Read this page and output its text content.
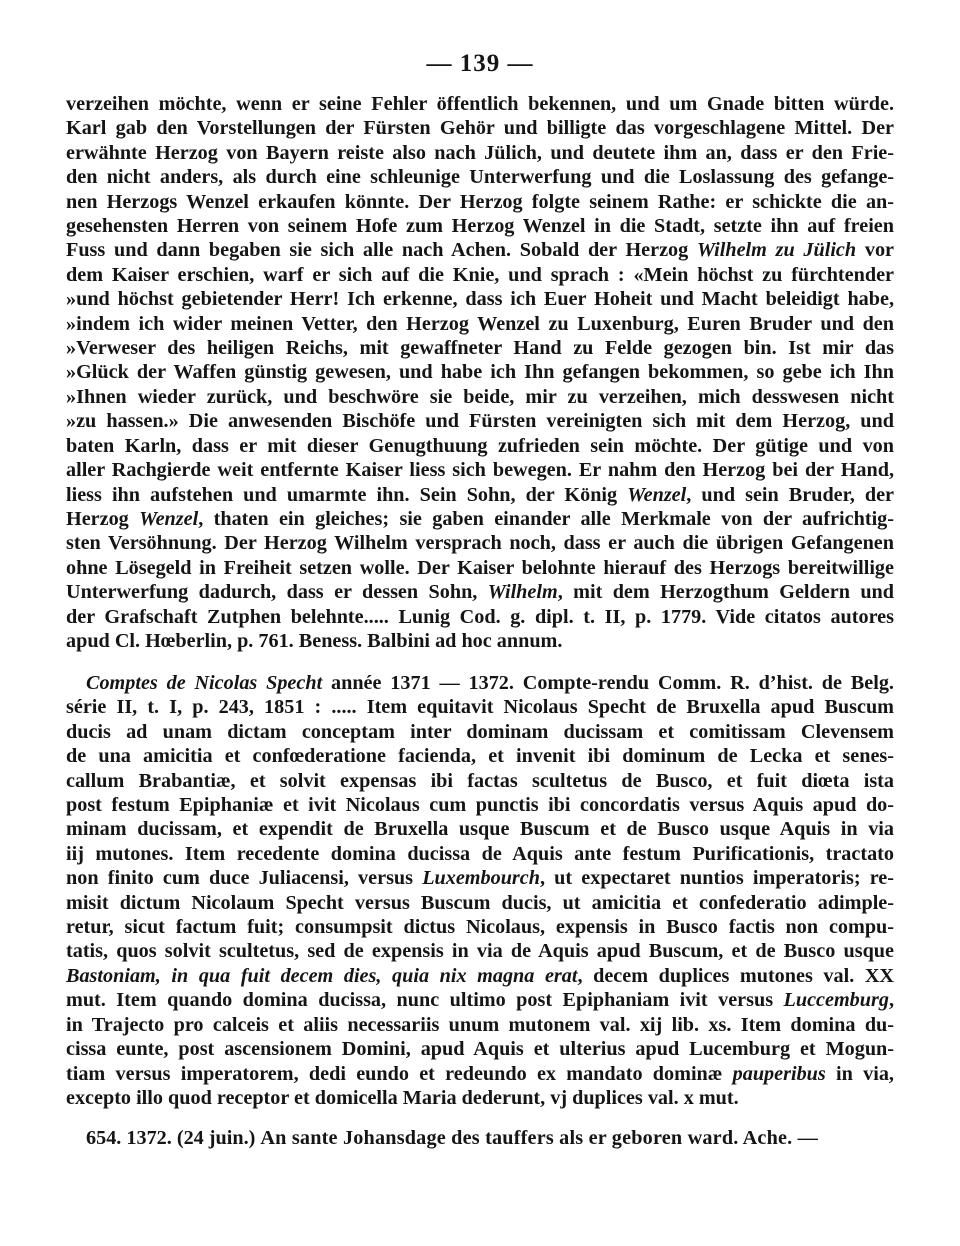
— 139 —
verzeihen möchte, wenn er seine Fehler öffentlich bekennen, und um Gnade bitten würde.
Karl gab den Vorstellungen der Fürsten Gehör und billigte das vorgeschlagene Mittel. Der
erwähnte Herzog von Bayern reiste also nach Jülich, und deutete ihm an, dass er den Frie-
den nicht anders, als durch eine schleunige Unterwerfung und die Loslassung des gefange-
nen Herzogs Wenzel erkaufen könnte. Der Herzog folgte seinem Rathe: er schickte die an-
gesehensten Herren von seinem Hofe zum Herzog Wenzel in die Stadt, setzte ihn auf freien
Fuss und dann begaben sie sich alle nach Achen. Sobald der Herzog Wilhelm zu Jülich vor
dem Kaiser erschien, warf er sich auf die Knie, und sprach : «Mein höchst zu fürchtender
»und höchst gebietender Herr! Ich erkenne, dass ich Euer Hoheit und Macht beleidigt habe,
»indem ich wider meinen Vetter, den Herzog Wenzel zu Luxenburg, Euren Bruder und den
»Verweser des heiligen Reichs, mit gewaffneter Hand zu Felde gezogen bin. Ist mir das
»Glück der Waffen günstig gewesen, und habe ich Ihn gefangen bekommen, so gebe ich Ihn
»Ihnen wieder zurück, und beschwöre sie beide, mir zu verzeihen, mich desswesen nicht
»zu hassen.» Die anwesenden Bischöfe und Fürsten vereinigten sich mit dem Herzog, und
baten Karln, dass er mit dieser Genugthuung zufrieden sein möchte. Der gütige und von
aller Rachgierde weit entfernte Kaiser liess sich bewegen. Er nahm den Herzog bei der Hand,
liess ihn aufstehen und umarmte ihn. Sein Sohn, der König Wenzel, und sein Bruder, der
Herzog Wenzel, thaten ein gleiches; sie gaben einander alle Merkmale von der aufrichtig-
sten Versöhnung. Der Herzog Wilhelm versprach noch, dass er auch die übrigen Gefangenen
ohne Lösegeld in Freiheit setzen wolle. Der Kaiser belohnte hierauf des Herzogs bereitwillige
Unterwerfung dadurch, dass er dessen Sohn, Wilhelm, mit dem Herzogthum Geldern und
der Grafschaft Zutphen belehnte..... Lunig Cod. g. dipl. t. II, p. 1779. Vide citatos autores
apud Cl. Hœberlin, p. 761. Beness. Balbini ad hoc annum.
Comptes de Nicolas Specht année 1371 — 1372. Compte-rendu Comm. R. d’hist. de Belg.
série II, t. I, p. 243, 1851 : ..... Item equitavit Nicolaus Specht de Bruxella apud Buscum
ducis ad unam dictam conceptam inter dominam ducissam et comitissam Clevensem
de una amicitia et confœderatione facienda, et invenit ibi dominum de Lecka et senes-
callum Brabantiæ, et solvit expensas ibi factas scultetus de Busco, et fuit diœta ista
post festum Epiphaniæ et ivit Nicolaus cum punctis ibi concordatis versus Aquis apud do-
minam ducissam, et expendit de Bruxella usque Buscum et de Busco usque Aquis in via
iij mutones. Item recedente domina ducissa de Aquis ante festum Purificationis, tractato
non finito cum duce Juliacensi, versus Luxembourch, ut expectaret nuntios imperatoris; re-
misit dictum Nicolaum Specht versus Buscum ducis, ut amicitia et confederatio adimple-
retur, sicut factum fuit; consumpsit dictus Nicolaus, expensis in Busco factis non compu-
tatis, quos solvit scultetus, sed de expensis in via de Aquis apud Buscum, et de Busco usque
Bastoniam, in qua fuit decem dies, quia nix magna erat, decem duplices mutones val. XX
mut. Item quando domina ducissa, nunc ultimo post Epiphaniam ivit versus Luccemburg,
in Trajecto pro calceis et aliis necessariis unum mutonem val. xij lib. xs. Item domina du-
cissa eunte, post ascensionem Domini, apud Aquis et ulterius apud Lucemburg et Mogun-
tiam versus imperatorem, dedi eundo et redeundo ex mandato dominæ pauperibus in via,
excepto illo quod receptor et domicella Maria dederunt, vj duplices val. x mut.
654. 1372. (24 juin.) An sante Johansdage des tauffers als er geboren ward. Ache. —
